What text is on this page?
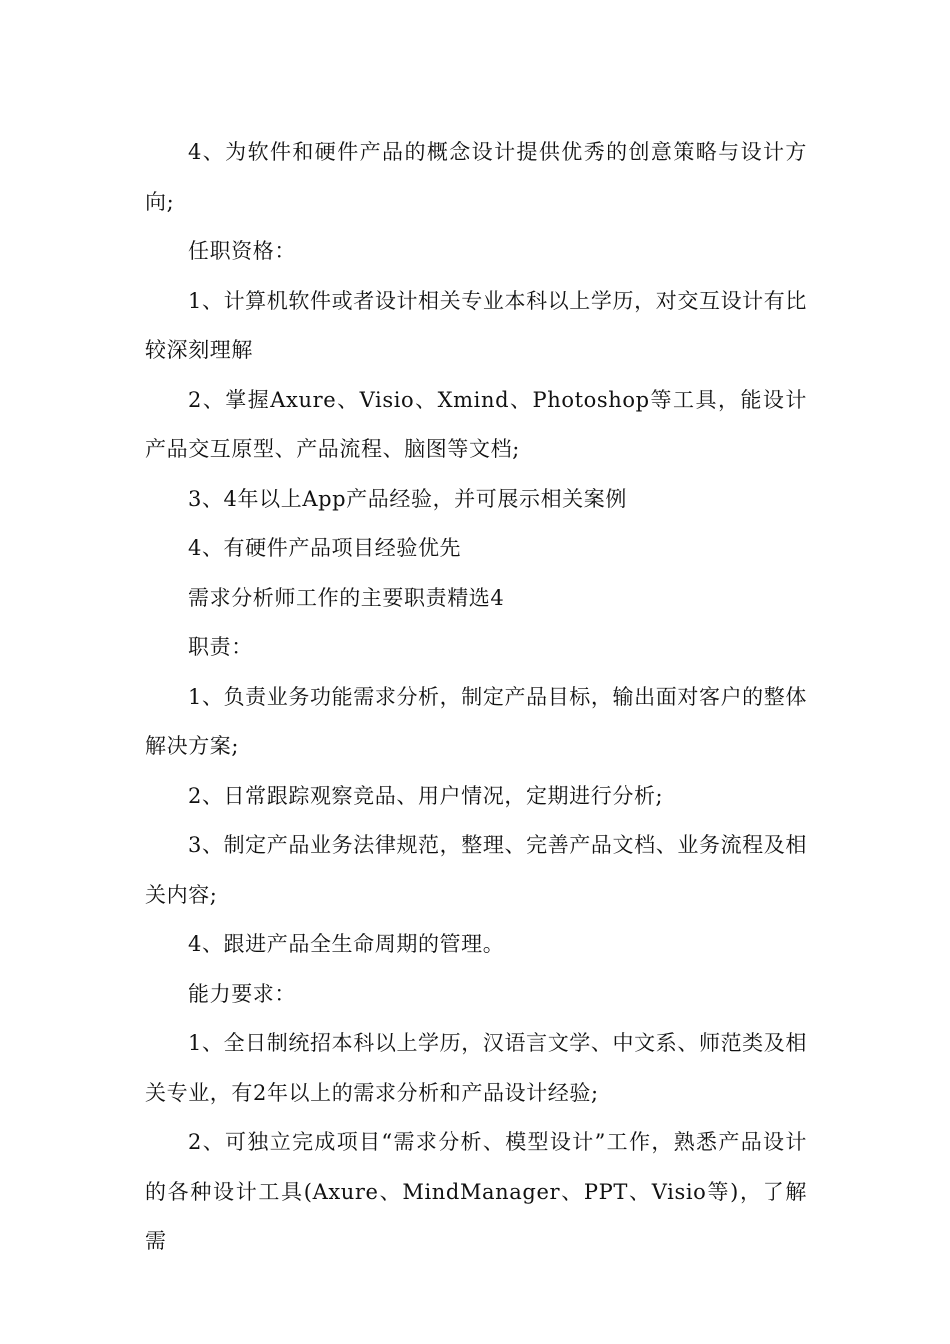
4、为软件和硬件产品的概念设计提供优秀的创意策略与设计方向;

任职资格：

1、计算机软件或者设计相关专业本科以上学历，对交互设计有比较深刻理解

2、掌握Axure、Visio、Xmind、Photoshop等工具，能设计产品交互原型、产品流程、脑图等文档;

3、4年以上App产品经验，并可展示相关案例

4、有硬件产品项目经验优先

需求分析师工作的主要职责精选4

职责：

1、负责业务功能需求分析，制定产品目标，输出面对客户的整体解决方案;

2、日常跟踪观察竞品、用户情况，定期进行分析;

3、制定产品业务法律规范，整理、完善产品文档、业务流程及相关内容;

4、跟进产品全生命周期的管理。

能力要求：

1、全日制统招本科以上学历，汉语言文学、中文系、师范类及相关专业，有2年以上的需求分析和产品设计经验;

2、可独立完成项目“需求分析、模型设计”工作，熟悉产品设计的各种设计工具(Axure、MindManager、PPT、Visio等)，了解需
